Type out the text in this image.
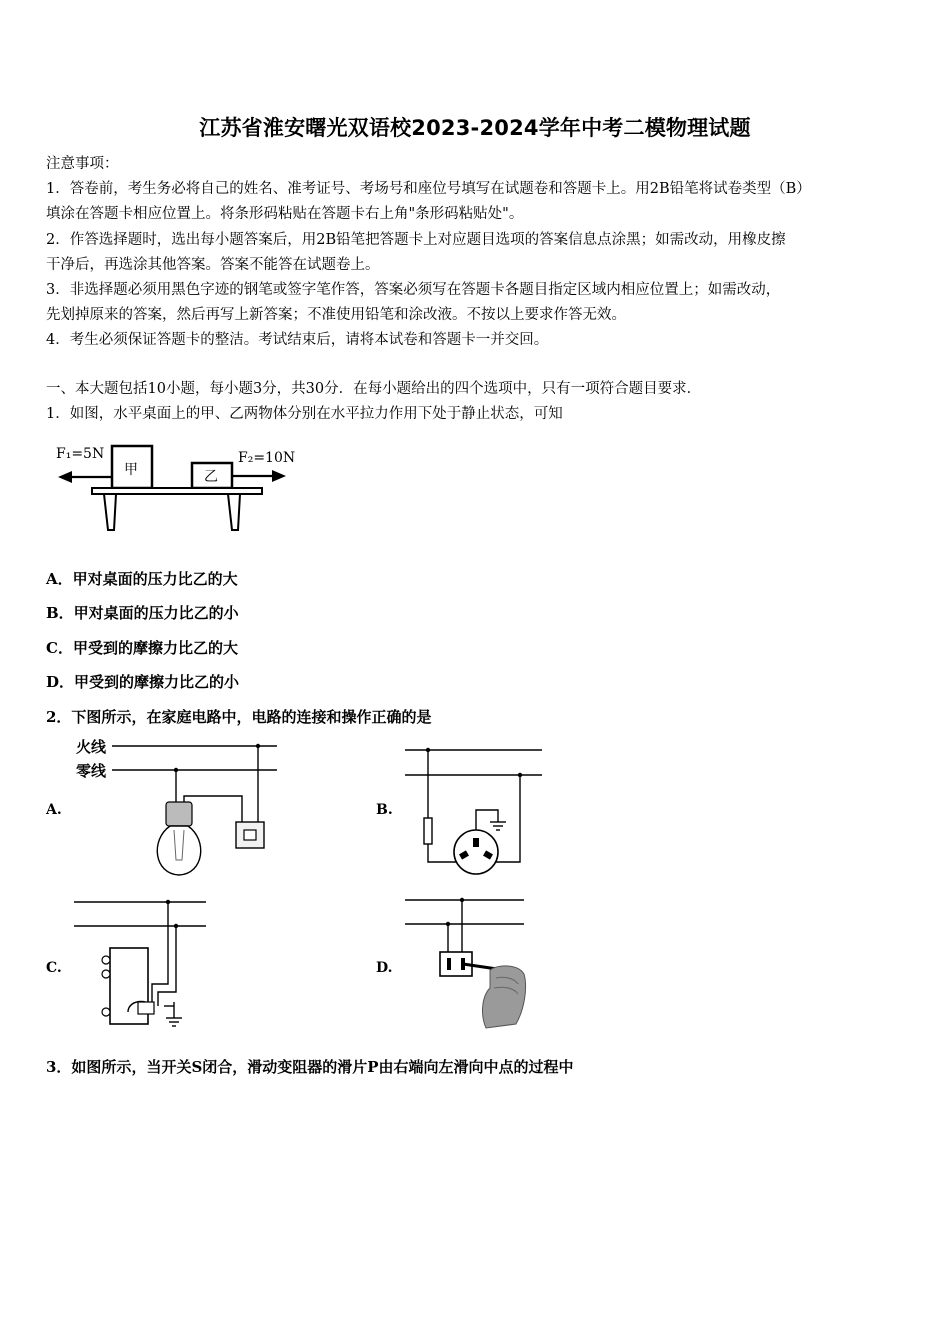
江苏省淮安曙光双语校2023-2024学年中考二模物理试题
注意事项：
1．答卷前，考生务必将自己的姓名、准考证号、考场号和座位号填写在试题卷和答题卡上。用2B铅笔将试卷类型（B）
填涂在答题卡相应位置上。将条形码粘贴在答题卡右上角"条形码粘贴处"。
2．作答选择题时，选出每小题答案后，用2B铅笔把答题卡上对应题目选项的答案信息点涂黑；如需改动，用橡皮擦
干净后，再选涂其他答案。答案不能答在试题卷上。
3．非选择题必须用黑色字迹的钢笔或签字笔作答，答案必须写在答题卡各题目指定区域内相应位置上；如需改动，
先划掉原来的答案，然后再写上新答案；不准使用铅笔和涂改液。不按以上要求作答无效。
4．考生必须保证答题卡的整洁。考试结束后，请将本试卷和答题卡一并交回。
一、本大题包括10小题，每小题3分，共30分．在每小题给出的四个选项中，只有一项符合题目要求．
1．如图，水平桌面上的甲、乙两物体分别在水平拉力作用下处于静止状态，可知
F₁=5N
甲	乙
F₂=10N
A．甲对桌面的压力比乙的大
B．甲对桌面的压力比乙的小
C．甲受到的摩擦力比乙的大
D．甲受到的摩擦力比乙的小
2．下图所示，在家庭电路中，电路的连接和操作正确的是
A.	B.
C.	D.
火线
零线
3．如图所示，当开关S闭合，滑动变阻器的滑片P由右端向左滑向中点的过程中
